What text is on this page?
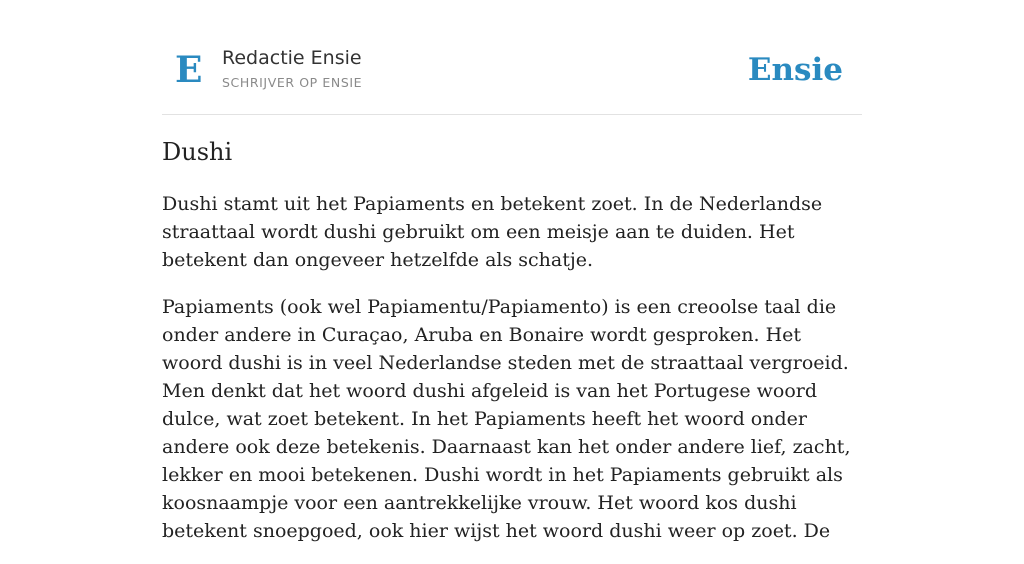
E Redactie Ensie
SCHRIJVER OP ENSIE	Ensie
Dushi

Dushi stamt uit het Papiaments en betekent zoet. In de Nederlandse straattaal wordt dushi gebruikt om een meisje aan te duiden. Het betekent dan ongeveer hetzelfde als schatje.

Papiaments (ook wel Papiamentu/Papiamento) is een creoolse taal die onder andere in Curaçao, Aruba en Bonaire wordt gesproken. Het woord dushi is in veel Nederlandse steden met de straattaal vergroeid. Men denkt dat het woord dushi afgeleid is van het Portugese woord dulce, wat zoet betekent. In het Papiaments heeft het woord onder andere ook deze betekenis. Daarnaast kan het onder andere lief, zacht, lekker en mooi betekenen. Dushi wordt in het Papiaments gebruikt als koosnaampje voor een aantrekkelijke vrouw. Het woord kos dushi betekent snoepgoed, ook hier wijst het woord dushi weer op zoet. De
